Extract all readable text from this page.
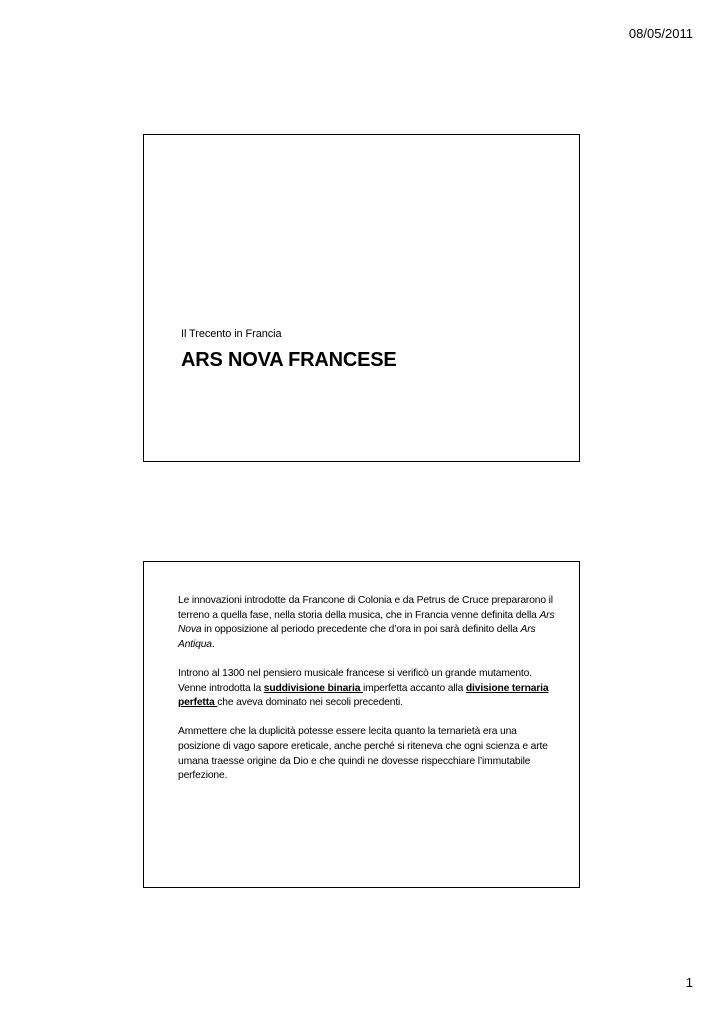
08/05/2011
Il Trecento in Francia
ARS NOVA FRANCESE

Le innovazioni introdotte da Francone di Colonia e da Petrus de Cruce prepararono il terreno a quella fase, nella storia della musica, che in Francia venne definita della Ars Nova in opposizione al periodo precedente che d’ora in poi sarà definito della Ars Antiqua.

Introno al 1300 nel pensiero musicale francese si verificò un grande mutamento. Venne introdotta la suddivisione binaria imperfetta accanto alla divisione ternaria perfetta che aveva dominato nei secoli precedenti.

Ammettere che la duplicità potesse essere lecita quanto la ternarietà era una posizione di vago sapore ereticale, anche perché si riteneva che ogni scienza e arte umana traesse origine da Dio e che quindi ne dovesse rispecchiare l’immutabile perfezione.

1
